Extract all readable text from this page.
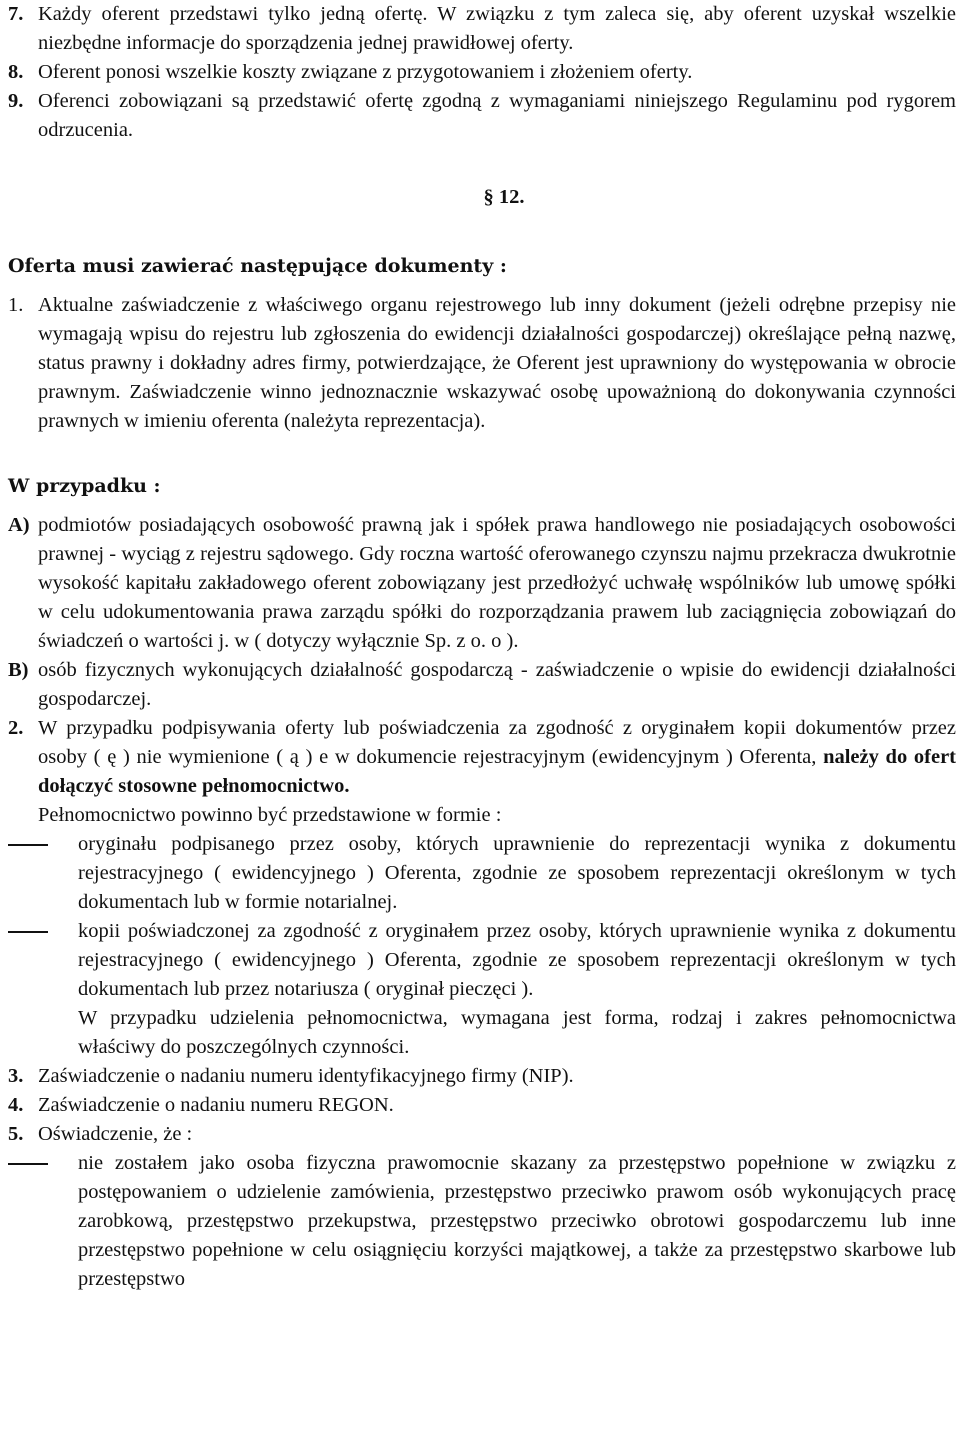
7. Każdy oferent przedstawi tylko jedną ofertę. W związku z tym zaleca się, aby oferent uzyskał wszelkie niezbędne informacje do sporządzenia jednej prawidłowej oferty.
8. Oferent ponosi wszelkie koszty związane z przygotowaniem i złożeniem oferty.
9. Oferenci zobowiązani są przedstawić ofertę zgodną z wymaganiami niniejszego Regulaminu pod rygorem odrzucenia.
§ 12.
Oferta musi zawierać następujące dokumenty :
1. Aktualne zaświadczenie z właściwego organu rejestrowego lub inny dokument (jeżeli odrębne przepisy nie wymagają wpisu do rejestru lub zgłoszenia do ewidencji działalności gospodarczej) określające pełną nazwę, status prawny i dokładny adres firmy, potwierdzające, że Oferent jest uprawniony do występowania w obrocie prawnym. Zaświadczenie winno jednoznacznie wskazywać osobę upoważnioną do dokonywania czynności prawnych w imieniu oferenta (należyta reprezentacja).
W przypadku :
A) podmiotów posiadających osobowość prawną jak i spółek prawa handlowego nie posiadających osobowości prawnej - wyciąg z rejestru sądowego. Gdy roczna wartość oferowanego czynszu najmu przekracza dwukrotnie wysokość kapitału zakładowego oferent zobowiązany jest przedłożyć uchwałę wspólników lub umowę spółki w celu udokumentowania prawa zarządu spółki do rozporządzania prawem lub zaciągnięcia zobowiązań do świadczeń o wartości j. w ( dotyczy wyłącznie Sp. z o. o ).
B) osób fizycznych wykonujących działalność gospodarczą - zaświadczenie o wpisie do ewidencji działalności gospodarczej.
2. W przypadku podpisywania oferty lub poświadczenia za zgodność z oryginałem kopii dokumentów przez osoby ( ę ) nie wymienione ( ą ) e w dokumencie rejestracyjnym (ewidencyjnym ) Oferenta, należy do ofert dołączyć stosowne pełnomocnictwo.
Pełnomocnictwo powinno być przedstawione w formie :
oryginału podpisanego przez osoby, których uprawnienie do reprezentacji wynika z dokumentu rejestracyjnego ( ewidencyjnego ) Oferenta, zgodnie ze sposobem reprezentacji określonym w tych dokumentach lub w formie notarialnej.
kopii poświadczonej za zgodność z oryginałem przez osoby, których uprawnienie wynika z dokumentu rejestracyjnego ( ewidencyjnego ) Oferenta, zgodnie ze sposobem reprezentacji określonym w tych dokumentach lub przez notariusza ( oryginał pieczęci ).
W przypadku udzielenia pełnomocnictwa, wymagana jest forma, rodzaj i zakres pełnomocnictwa właściwy do poszczególnych czynności.
3. Zaświadczenie o nadaniu numeru identyfikacyjnego firmy (NIP).
4. Zaświadczenie o nadaniu numeru REGON.
5. Oświadczenie, że :
nie zostałem jako osoba fizyczna prawomocnie skazany za przestępstwo popełnione w związku z postępowaniem o udzielenie zamówienia, przestępstwo przeciwko prawom osób wykonujących pracę zarobkową, przestępstwo przekupstwa, przestępstwo przeciwko obrotowi gospodarczemu lub inne przestępstwo popełnione w celu osiągnięciu korzyści majątkowej, a także za przestępstwo skarbowe lub przestępstwo
